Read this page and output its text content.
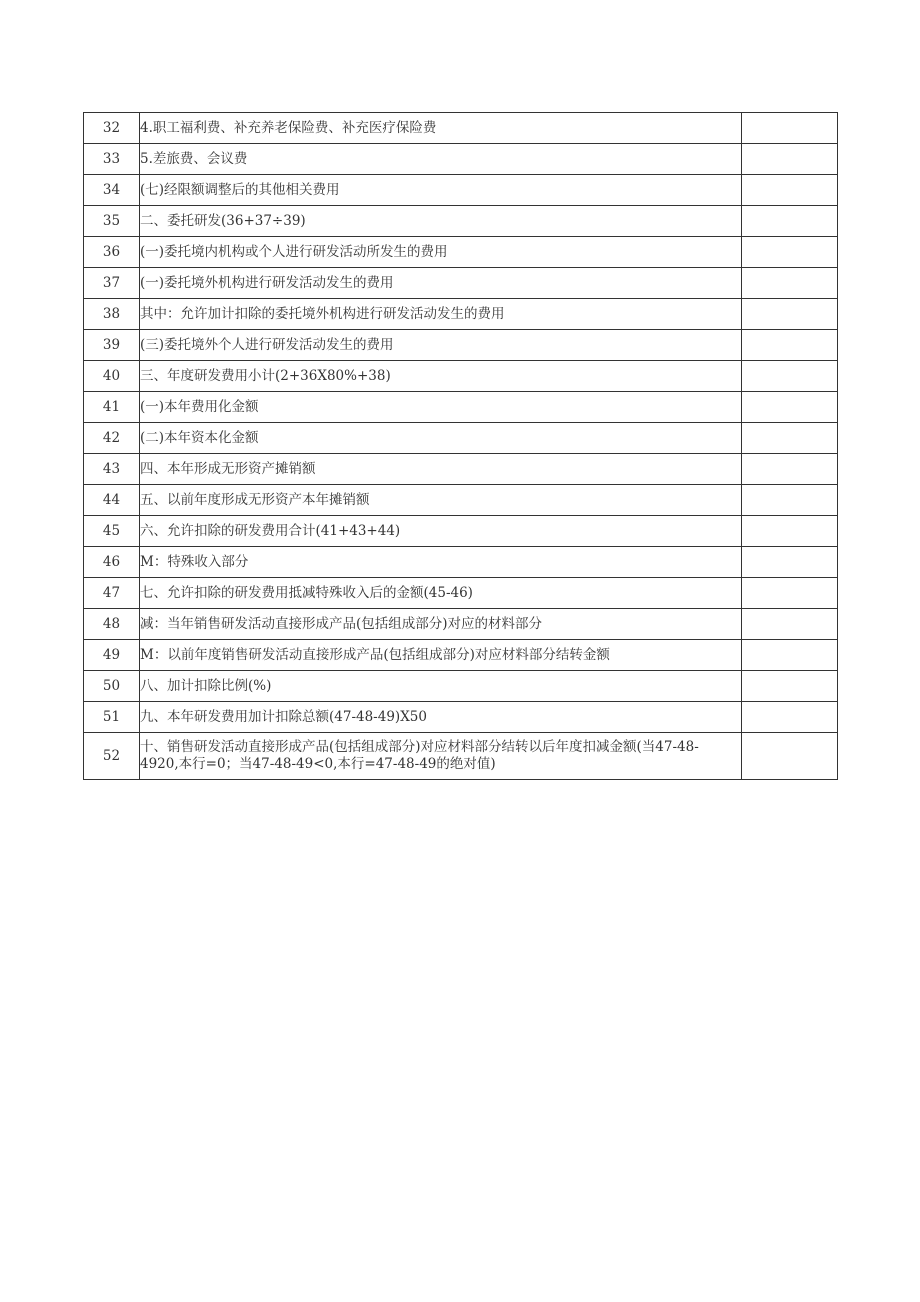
32	4.职工福利费、补充养老保险费、补充医疗保险费	
33	5.差旅费、会议费	
34	(七)经限额调整后的其他相关费用	
35	二、委托研发(36+37÷39)	
36	(一)委托境内机构或个人进行研发活动所发生的费用	
37	(一)委托境外机构进行研发活动发生的费用	
38	其中：允许加计扣除的委托境外机构进行研发活动发生的费用	
39	(三)委托境外个人进行研发活动发生的费用	
40	三、年度研发费用小计(2+36X80%+38)	
41	(一)本年费用化金额	
42	(二)本年资本化金额	
43	四、本年形成无形资产摊销额	
44	五、以前年度形成无形资产本年摊销额	
45	六、允许扣除的研发费用合计(41+43+44)	
46	M：特殊收入部分	
47	七、允许扣除的研发费用抵减特殊收入后的金额(45-46)	
48	减：当年销售研发活动直接形成产品(包括组成部分)对应的材料部分	
49	M：以前年度销售研发活动直接形成产品(包括组成部分)对应材料部分结转金额	
50	八、加计扣除比例(%)	
51	九、本年研发费用加计扣除总额(47-48-49)X50	
52	十、销售研发活动直接形成产品(包括组成部分)对应材料部分结转以后年度扣减金额(当47-48-4920,本行=0；当47-48-49<0,本行=47-48-49的绝对值)	
